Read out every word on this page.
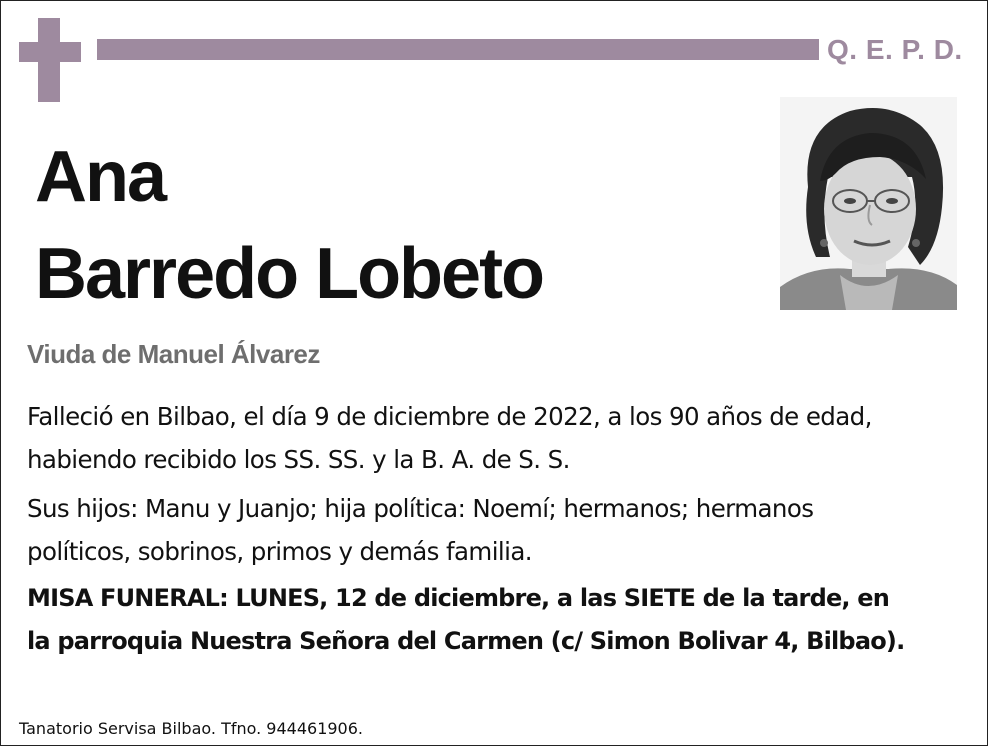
Q. E. P. D.
Ana
Barredo Lobeto
Viuda de Manuel Álvarez
Falleció en Bilbao, el día 9 de diciembre de 2022, a los 90 años de edad,
habiendo recibido los SS. SS. y la B. A. de S. S.
Sus hijos: Manu y Juanjo; hija política: Noemí; hermanos; hermanos
políticos, sobrinos, primos y demás familia.
MISA FUNERAL: LUNES, 12 de diciembre, a las SIETE de la tarde, en
la parroquia Nuestra Señora del Carmen (c/ Simon Bolivar 4, Bilbao).
Tanatorio Servisa Bilbao. Tfno. 944461906.
